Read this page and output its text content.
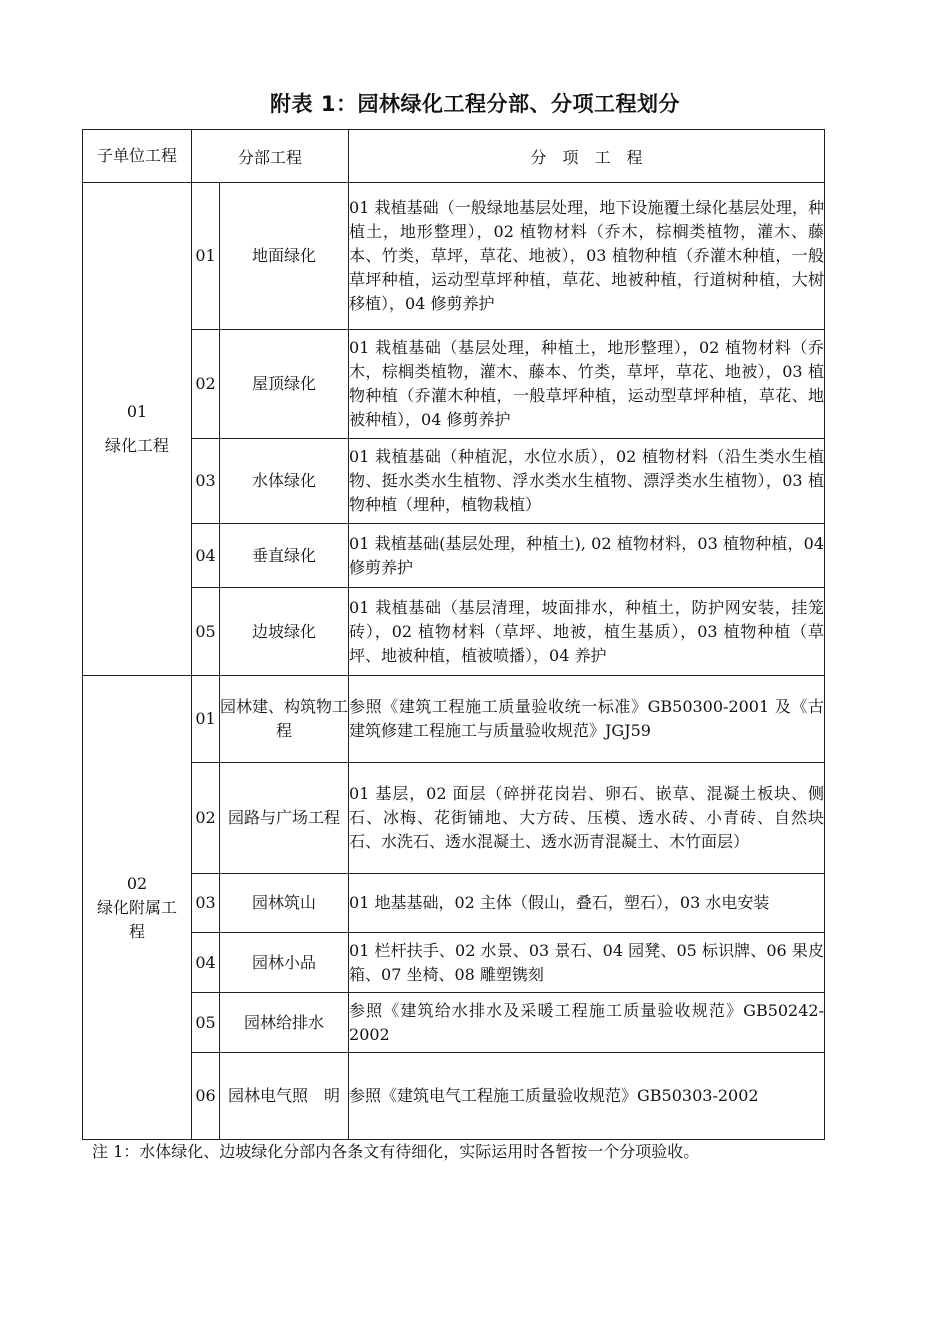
附表 1：园林绿化工程分部、分项工程划分
子单位工程	分部工程		分　项　工　程

01
绿化工程	01	地面绿化	01 栽植基础（一般绿地基层处理，地下设施覆土绿化基层处理，种植土，地形整理），02 植物材料（乔木，棕榈类植物，灌木、藤本、竹类，草坪，草花、地被），03 植物种植（乔灌木种植，一般草坪种植，运动型草坪种植，草花、地被种植，行道树种植，大树移植），04 修剪养护
	02	屋顶绿化	01 栽植基础（基层处理，种植土，地形整理），02 植物材料（乔木，棕榈类植物，灌木、藤本、竹类，草坪，草花、地被），03 植物种植（乔灌木种植，一般草坪种植，运动型草坪种植，草花、地被种植），04 修剪养护
	03	水体绿化	01 栽植基础（种植泥，水位水质），02 植物材料（沿生类水生植物、挺水类水生植物、浮水类水生植物、漂浮类水生植物），03 植物种植（埋种，植物栽植）
	04	垂直绿化	01 栽植基础(基层处理，种植土), 02 植物材料，03 植物种植，04 修剪养护
	05	边坡绿化	01 栽植基础（基层清理，坡面排水，种植土，防护网安装，挂笼砖），02 植物材料（草坪、地被，植生基质），03 植物种植（草坪、地被种植，植被喷播），04 养护

02
绿化附属工程	01	园林建、构筑物工程	参照《建筑工程施工质量验收统一标准》GB50300-2001 及《古建筑修建工程施工与质量验收规范》JGJ59
	02	园路与广场工程	01 基层，02 面层（碎拼花岗岩、卵石、嵌草、混凝土板块、侧石、冰梅、花街铺地、大方砖、压模、透水砖、小青砖、自然块石、水洗石、透水混凝土、透水沥青混凝土、木竹面层）
	03	园林筑山	01 地基基础，02 主体（假山，叠石，塑石），03 水电安装
	04	园林小品	01 栏杆扶手、02 水景、03 景石、04 园凳、05 标识牌、06 果皮箱、07 坐椅、08 雕塑镌刻
	05	园林给排水	参照《建筑给水排水及采暖工程施工质量验收规范》GB50242-2002
	06	园林电气照　明	参照《建筑电气工程施工质量验收规范》GB50303-2002
注 1：水体绿化、边坡绿化分部内各条文有待细化，实际运用时各暂按一个分项验收。
